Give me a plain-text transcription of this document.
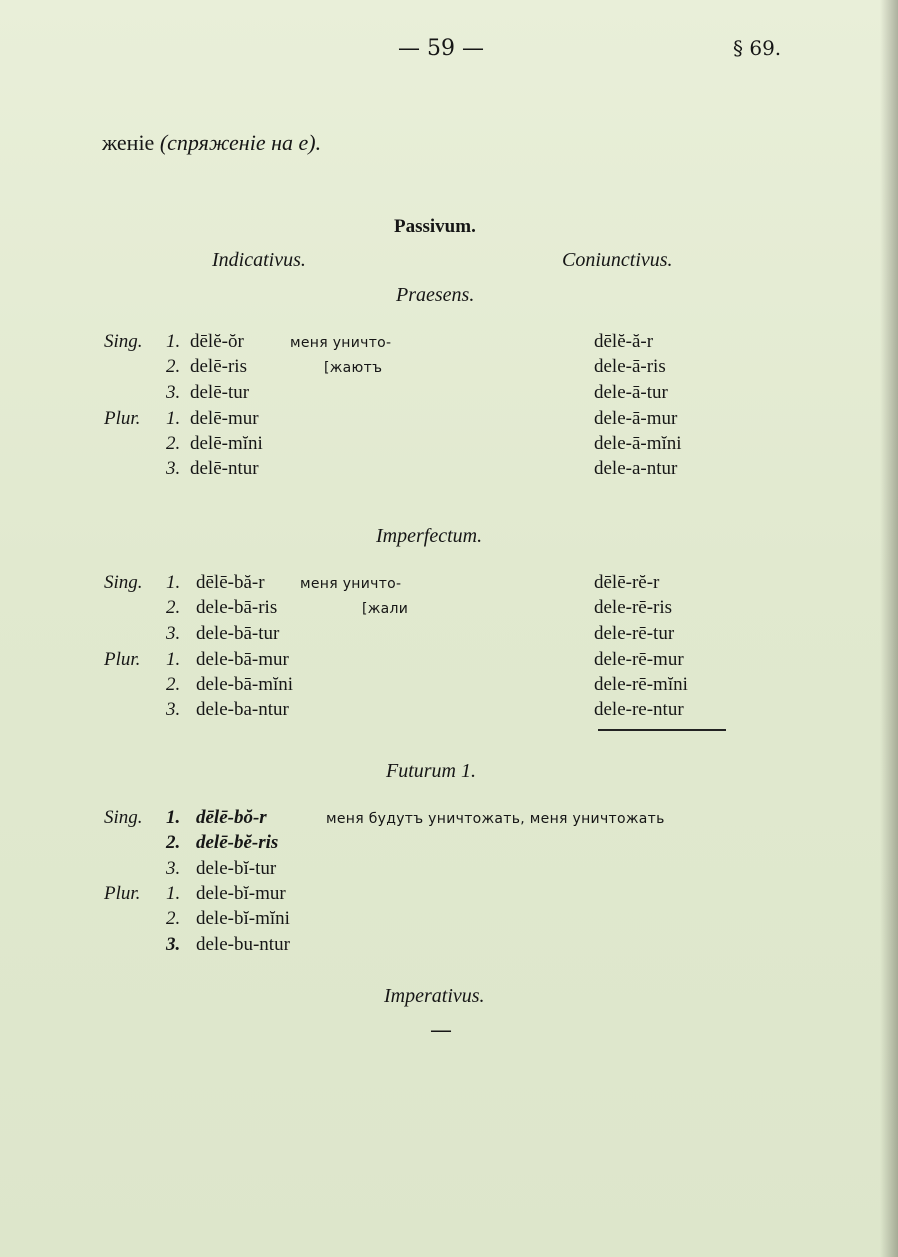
— 59 —	§ 69.
женіе (спряженіе на е).
Passivum.
Indicativus.	Coniunctivus.
Praesens.
Sing.
Plur.
1.
2.
3.
1.
2.
3.
dēlĕ-ŏr
delē-ris
delē-tur
delē-mur
delē-mĭni
delē-ntur
меня уничто-
[жаютъ
dēlĕ-ă-r
dele-ā-ris
dele-ā-tur
dele-ā-mur
dele-ā-mĭni
dele-a-ntur
Imperfectum.
Sing.
Plur.
1.
2.
3.
1.
2.
3.
dēlē-bă-r
dele-bā-ris
dele-bā-tur
dele-bā-mur
dele-bā-mĭni
dele-ba-ntur
меня уничто-
[жали
dēlē-rĕ-r
dele-rē-ris
dele-rē-tur
dele-rē-mur
dele-rē-mĭni
dele-re-ntur
Futurum 1.
Sing.
Plur.
1.
2.
3.
1.
2.
3.
dēlē-bŏ-r
delē-bĕ-ris
dele-bĭ-tur
dele-bĭ-mur
dele-bĭ-mĭni
dele-bu-ntur
меня будутъ уничтожать, меня уничтожать
Imperativus.
—
